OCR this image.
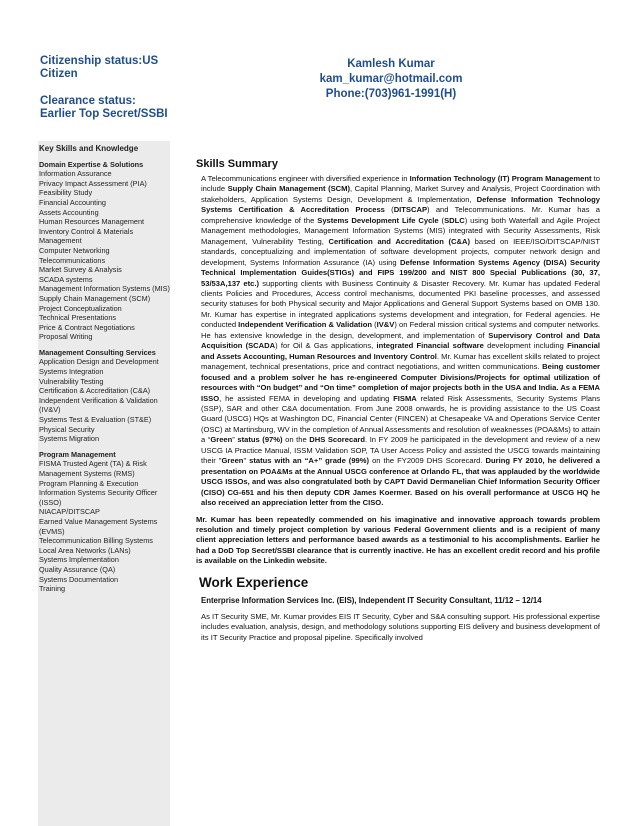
Citizenship status:US Citizen
Clearance status: Earlier Top Secret/SSBI
Kamlesh Kumar
kam_kumar@hotmail.com
Phone:(703)961-1991(H)
Key Skills and Knowledge
Domain Expertise & Solutions
Information Assurance
Privacy Impact Assessment (PIA)
Feasibility Study
Financial Accounting
Assets Accounting
Human Resources Management
Inventory Control & Materials Management
Computer Networking
Telecommunications
Market Survey & Analysis
SCADA systems
Management Information Systems (MIS)
Supply Chain Management (SCM)
Project Conceptualization
Technical Presentations
Price & Contract Negotiations
Proposal Writing
Management Consulting Services
Application Design and Development
Systems Integration
Vulnerability Testing
Certification & Accreditation (C&A)
Independent Verification & Validation (IV&V)
Systems Test & Evaluation (ST&E)
Physical Security
Systems Migration
Program Management
FISMA Trusted Agent (TA) & Risk Management Systems (RMS)
Program Planning & Execution
Information Systems Security Officer (ISSO)
NIACAP/DITSCAP
Earned Value Management Systems (EVMS)
Telecommunication Billing Systems
Local Area Networks (LANs)
Systems Implementation
Quality Assurance (QA)
Systems Documentation
Training
Skills Summary
A Telecommunications engineer with diversified experience in Information Technology (IT) Program Management to include Supply Chain Management (SCM), Capital Planning, Market Survey and Analysis, Project Coordination with stakeholders, Application Systems Design, Development & Implementation, Defense Information Technology Systems Certification & Accreditation Process (DITSCAP) and Telecommunications. Mr. Kumar has a comprehensive knowledge of the Systems Development Life Cycle (SDLC) using both Waterfall and Agile Project Management methodologies, Management Information Systems (MIS) integrated with Security Assessments, Risk Management, Vulnerability Testing, Certification and Accreditation (C&A) based on IEEE/ISO/DITSCAP/NIST standards, conceptualizing and implementation of software development projects, computer network design and development, Systems Information Assurance (IA) using Defense Information Systems Agency (DISA) Security Technical Implementation Guides(STIGs) and FIPS 199/200 and NIST 800 Special Publications (30, 37, 53/53A,137 etc.) supporting clients with Business Continuity & Disaster Recovery. Mr. Kumar has updated Federal clients Policies and Procedures, Access control mechanisms, documented PKI baseline processes, and assessed security statuses for both Physical security and Major Applications and General Support Systems based on OMB 130. Mr. Kumar has expertise in integrated applications systems development and integration, for Federal agencies. He conducted Independent Verification & Validation (IV&V) on Federal mission critical systems and computer networks. He has extensive knowledge in the design, development, and implementation of Supervisory Control and Data Acquisition (SCADA) for Oil & Gas applications, integrated Financial software development including Financial and Assets Accounting, Human Resources and Inventory Control. Mr. Kumar has excellent skills related to project management, technical presentations, price and contract negotiations, and written communications. Being customer focused and a problem solver he has re-engineered Computer Divisions/Projects for optimal utilization of resources with “On budget” and “On time” completion of major projects both in the USA and India. As a FEMA ISSO, he assisted FEMA in developing and updating FISMA related Risk Assessments, Security Systems Plans (SSP), SAR and other C&A documentation. From June 2008 onwards, he is providing assistance to the US Coast Guard (USCG) HQs at Washington DC, Financial Center (FINCEN) at Chesapeake VA and Operations Service Center (OSC) at Martinsburg, WV in the completion of Annual Assessments and resolution of weaknesses (POA&Ms) to attain a “Green” status (97%) on the DHS Scorecard. In FY 2009 he participated in the development and review of a new USCG IA Practice Manual, ISSM Validation SOP, TA User Access Policy and assisted the USCG towards maintaining their "Green" status with an “A+” grade (99%) on the FY2009 DHS Scorecard. During FY 2010, he delivered a presentation on POA&Ms at the Annual USCG conference at Orlando FL, that was applauded by the worldwide USCG ISSOs, and was also congratulated both by CAPT David Dermanelian Chief Information Security Officer (CISO) CG-651 and his then deputy CDR James Koermer. Based on his overall performance at USCG HQ he also received an appreciation letter from the CISO.
Mr. Kumar has been repeatedly commended on his imaginative and innovative approach towards problem resolution and timely project completion by various Federal Government clients and is a recipient of many client appreciation letters and performance based awards as a testimonial to his accomplishments. Earlier he had a DoD Top Secret/SSBI clearance that is currently inactive. He has an excellent credit record and his profile is available on the Linkedin website.
Work Experience
Enterprise Information Services Inc. (EIS), Independent IT Security Consultant, 11/12 – 12/14
As IT Security SME, Mr. Kumar provides EIS IT Security, Cyber and S&A consulting support. His professional expertise includes evaluation, analysis, design, and methodology solutions supporting EIS delivery and business development of its IT Security Practice and proposal pipeline. Specifically involved
